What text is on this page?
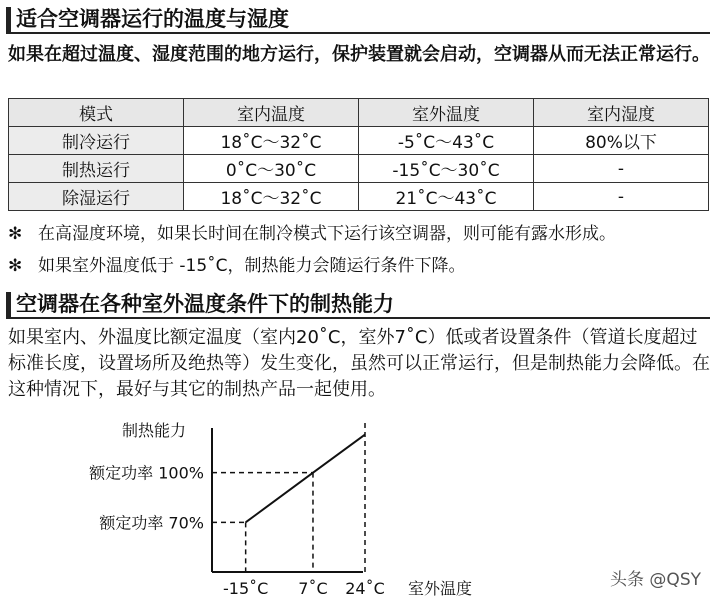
适合空调器运行的温度与湿度

如果在超过温度、湿度范围的地方运行，保护装置就会启动，空调器从而无法正常运行。

模式	室内温度	室外温度	室内湿度
制冷运行	18˚C～32˚C	-5˚C～43˚C	80%以下
制热运行	0˚C～30˚C	-15˚C～30˚C	-
除湿运行	18˚C～32˚C	21˚C～43˚C	-
✻ 在高湿度环境，如果长时间在制冷模式下运行该空调器，则可能有露水形成。
✻ 如果室外温度低于 -15˚C，制热能力会随运行条件下降。
空调器在各种室外温度条件下的制热能力

如果室内、外温度比额定温度（室内20˚C，室外7˚C）低或者设置条件（管道长度超过标准长度，设置场所及绝热等）发生变化，虽然可以正常运行，但是制热能力会降低。在这种情况下，最好与其它的制热产品一起使用。

制热能力
额定功率 100%
额定功率 70%
-15˚C 7˚C 24˚C 室外温度	头条 @QSY
